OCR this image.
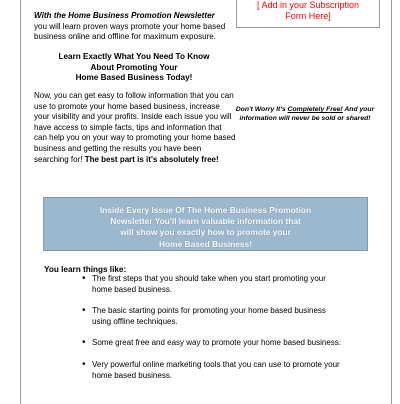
[ Add in your Subscription
Form Here]
With the Home Business Promotion Newsletter
you will learn proven ways promote your home based business online and offline for maximum exposure.
Learn Exactly What You Need To Know
About Promoting Your
Home Based Business Today!
Now, you can get easy to follow information that you can use to promote your home based business, increase your visibility and your profits. Inside each issue you will have access to simple facts, tips and information that can help you on your way to promoting your home based business and getting the results you have been searching for! The best part is it's absolutely free!
Don't Worry It's Completely Free! And your information will never be sold or shared!
Inside Every Issue Of The Home Business Promotion
Newsletter You'll learn valuable information that
will show you exactly how to promote your
Home Based Business!
You learn things like:
• The first steps that you should take when you start promoting your home based business.
• The basic starting points for promoting your home based business using offline techniques.
• Some great free and easy way to promote your home based business.
• Very powerful online marketing tools that you can use to promote your home based business.
